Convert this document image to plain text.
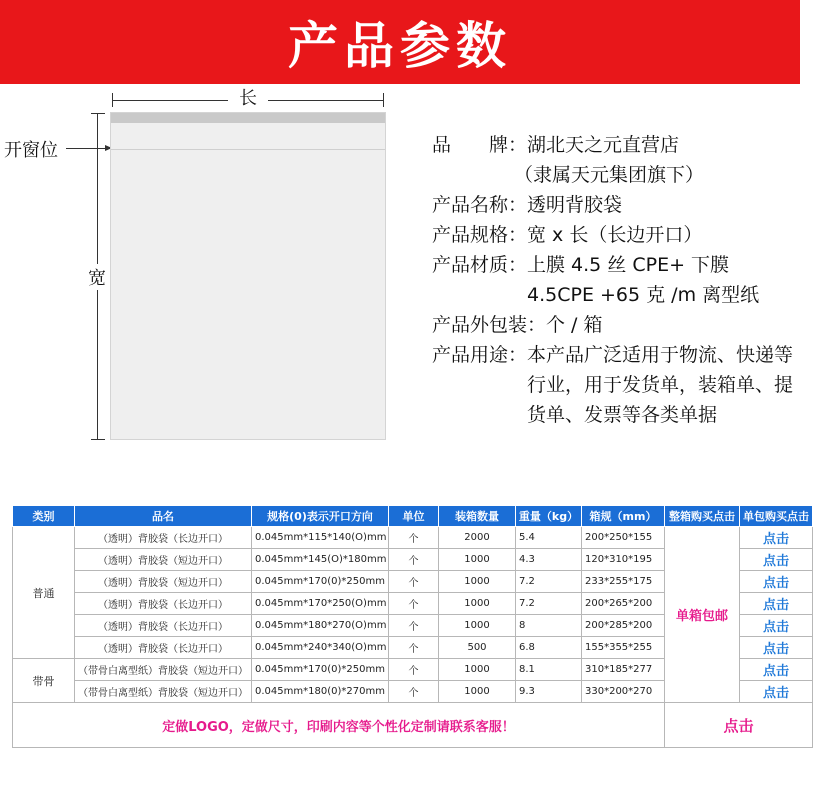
产品参数
长
宽
开窗位	品　　牌： 湖北天之元直营店
（隶属天元集团旗下）
产品名称： 透明背胶袋
产品规格： 宽 x 长（长边开口）
产品材质： 上膜 4.5 丝 CPE+ 下膜 4.5CPE +65 克 /m 离型纸
产品外包装： 个 / 箱
产品用途： 本产品广泛适用于物流、快递等行业，用于发货单，装箱单、提货单、发票等各类单据
类别	品名	规格(0)表示开口方向	单位	装箱数量	重量（kg）	箱规（mm）	整箱购买点击	单包购买点击
普通	（透明）背胶袋（长边开口）	0.045mm*115*140(O)mm	个	2000	5.4	200*250*155	单箱包邮	点击
	（透明）背胶袋（短边开口）	0.045mm*145(O)*180mm	个	1000	4.3	120*310*195		点击
	（透明）背胶袋（短边开口）	0.045mm*170(0)*250mm	个	1000	7.2	233*255*175		点击
	（透明）背胶袋（长边开口）	0.045mm*170*250(O)mm	个	1000	7.2	200*265*200		点击
	（透明）背胶袋（长边开口）	0.045mm*180*270(O)mm	个	1000	8	200*285*200		点击
	（透明）背胶袋（长边开口）	0.045mm*240*340(O)mm	个	500	6.8	155*355*255		点击
带骨	（带骨白离型纸）背胶袋（短边开口）	0.045mm*170(0)*250mm	个	1000	8.1	310*185*277		点击
	（带骨白离型纸）背胶袋（短边开口）	0.045mm*180(0)*270mm	个	1000	9.3	330*200*270		点击
定做LOGO，定做尺寸，印刷内容等个性化定制请联系客服！							点击	
